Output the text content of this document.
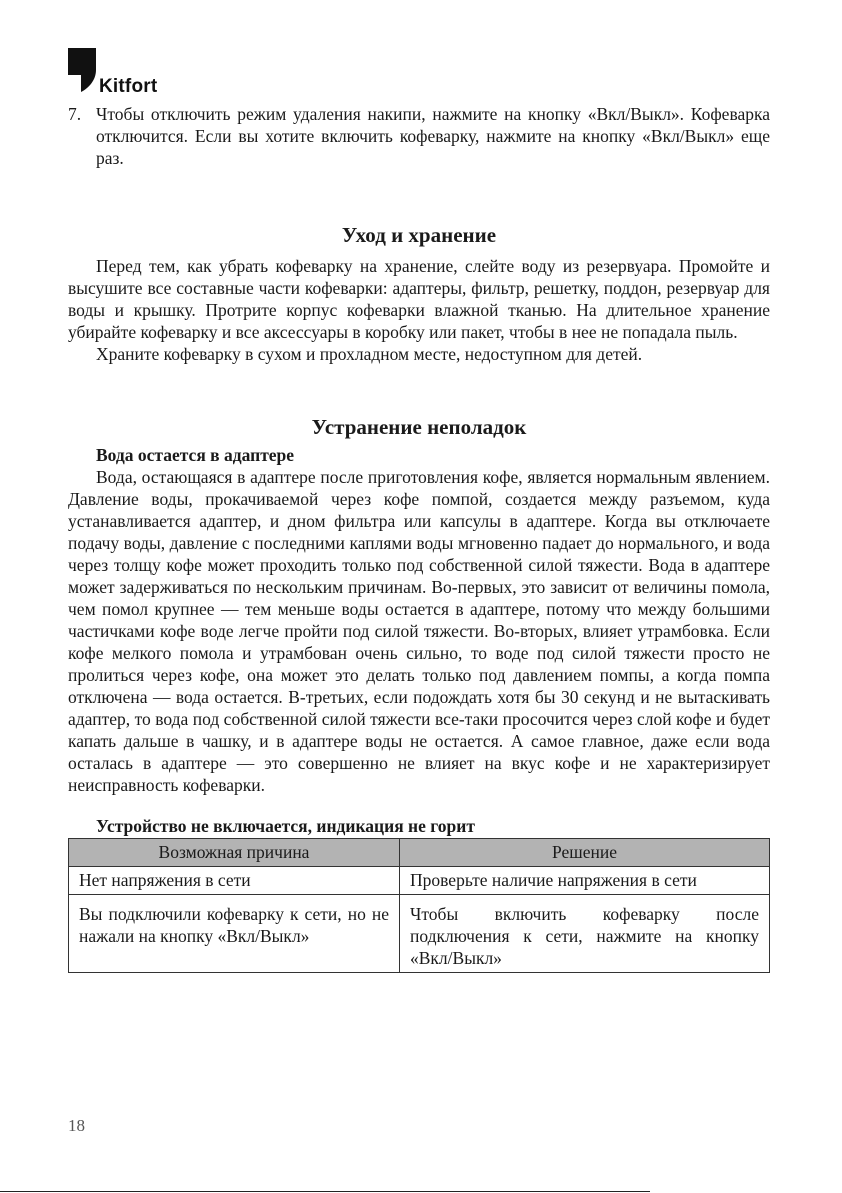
Kitfort
7. Чтобы отключить режим удаления накипи, нажмите на кнопку «Вкл/Выкл». Кофеварка отключится. Если вы хотите включить кофеварку, нажмите на кнопку «Вкл/Выкл» еще раз.
Уход и хранение

Перед тем, как убрать кофеварку на хранение, слейте воду из резервуара. Промойте и высушите все составные части кофеварки: адаптеры, фильтр, решетку, поддон, резервуар для воды и крышку. Протрите корпус кофеварки влажной тканью. На длительное хранение убирайте кофеварку и все аксессуары в коробку или пакет, чтобы в нее не попадала пыль.

Храните кофеварку в сухом и прохладном месте, недоступном для детей.

Устранение неполадок
Вода остается в адаптере

Вода, остающаяся в адаптере после приготовления кофе, является нормальным явлением. Давление воды, прокачиваемой через кофе помпой, создается между разъемом, куда устанавливается адаптер, и дном фильтра или капсулы в адаптере. Когда вы отключаете подачу воды, давление с последними каплями воды мгновенно падает до нормального, и вода через толщу кофе может проходить только под собственной силой тяжести. Вода в адаптере может задерживаться по нескольким причинам. Во-первых, это зависит от величины помола, чем помол крупнее — тем меньше воды остается в адаптере, потому что между большими частичками кофе воде легче пройти под силой тяжести. Во-вторых, влияет утрамбовка. Если кофе мелкого помола и утрамбован очень сильно, то воде под силой тяжести просто не пролиться через кофе, она может это делать только под давлением помпы, а когда помпа отключена — вода остается. В-третьих, если подождать хотя бы 30 секунд и не вытаскивать адаптер, то вода под собственной силой тяжести все-таки просочится через слой кофе и будет капать дальше в чашку, и в адаптере воды не остается. А самое главное, даже если вода осталась в адаптере — это совершенно не влияет на вкус кофе и не характеризирует неисправность кофеварки.

Устройство не включается, индикация не горит
Возможная причина	Решение
Нет напряжения в сети	Проверьте наличие напряжения в сети
Вы подключили кофеварку к сети, но не нажали на кнопку «Вкл/Выкл»	Чтобы включить кофеварку после подключения к сети, нажмите на кнопку «Вкл/Выкл»
18
